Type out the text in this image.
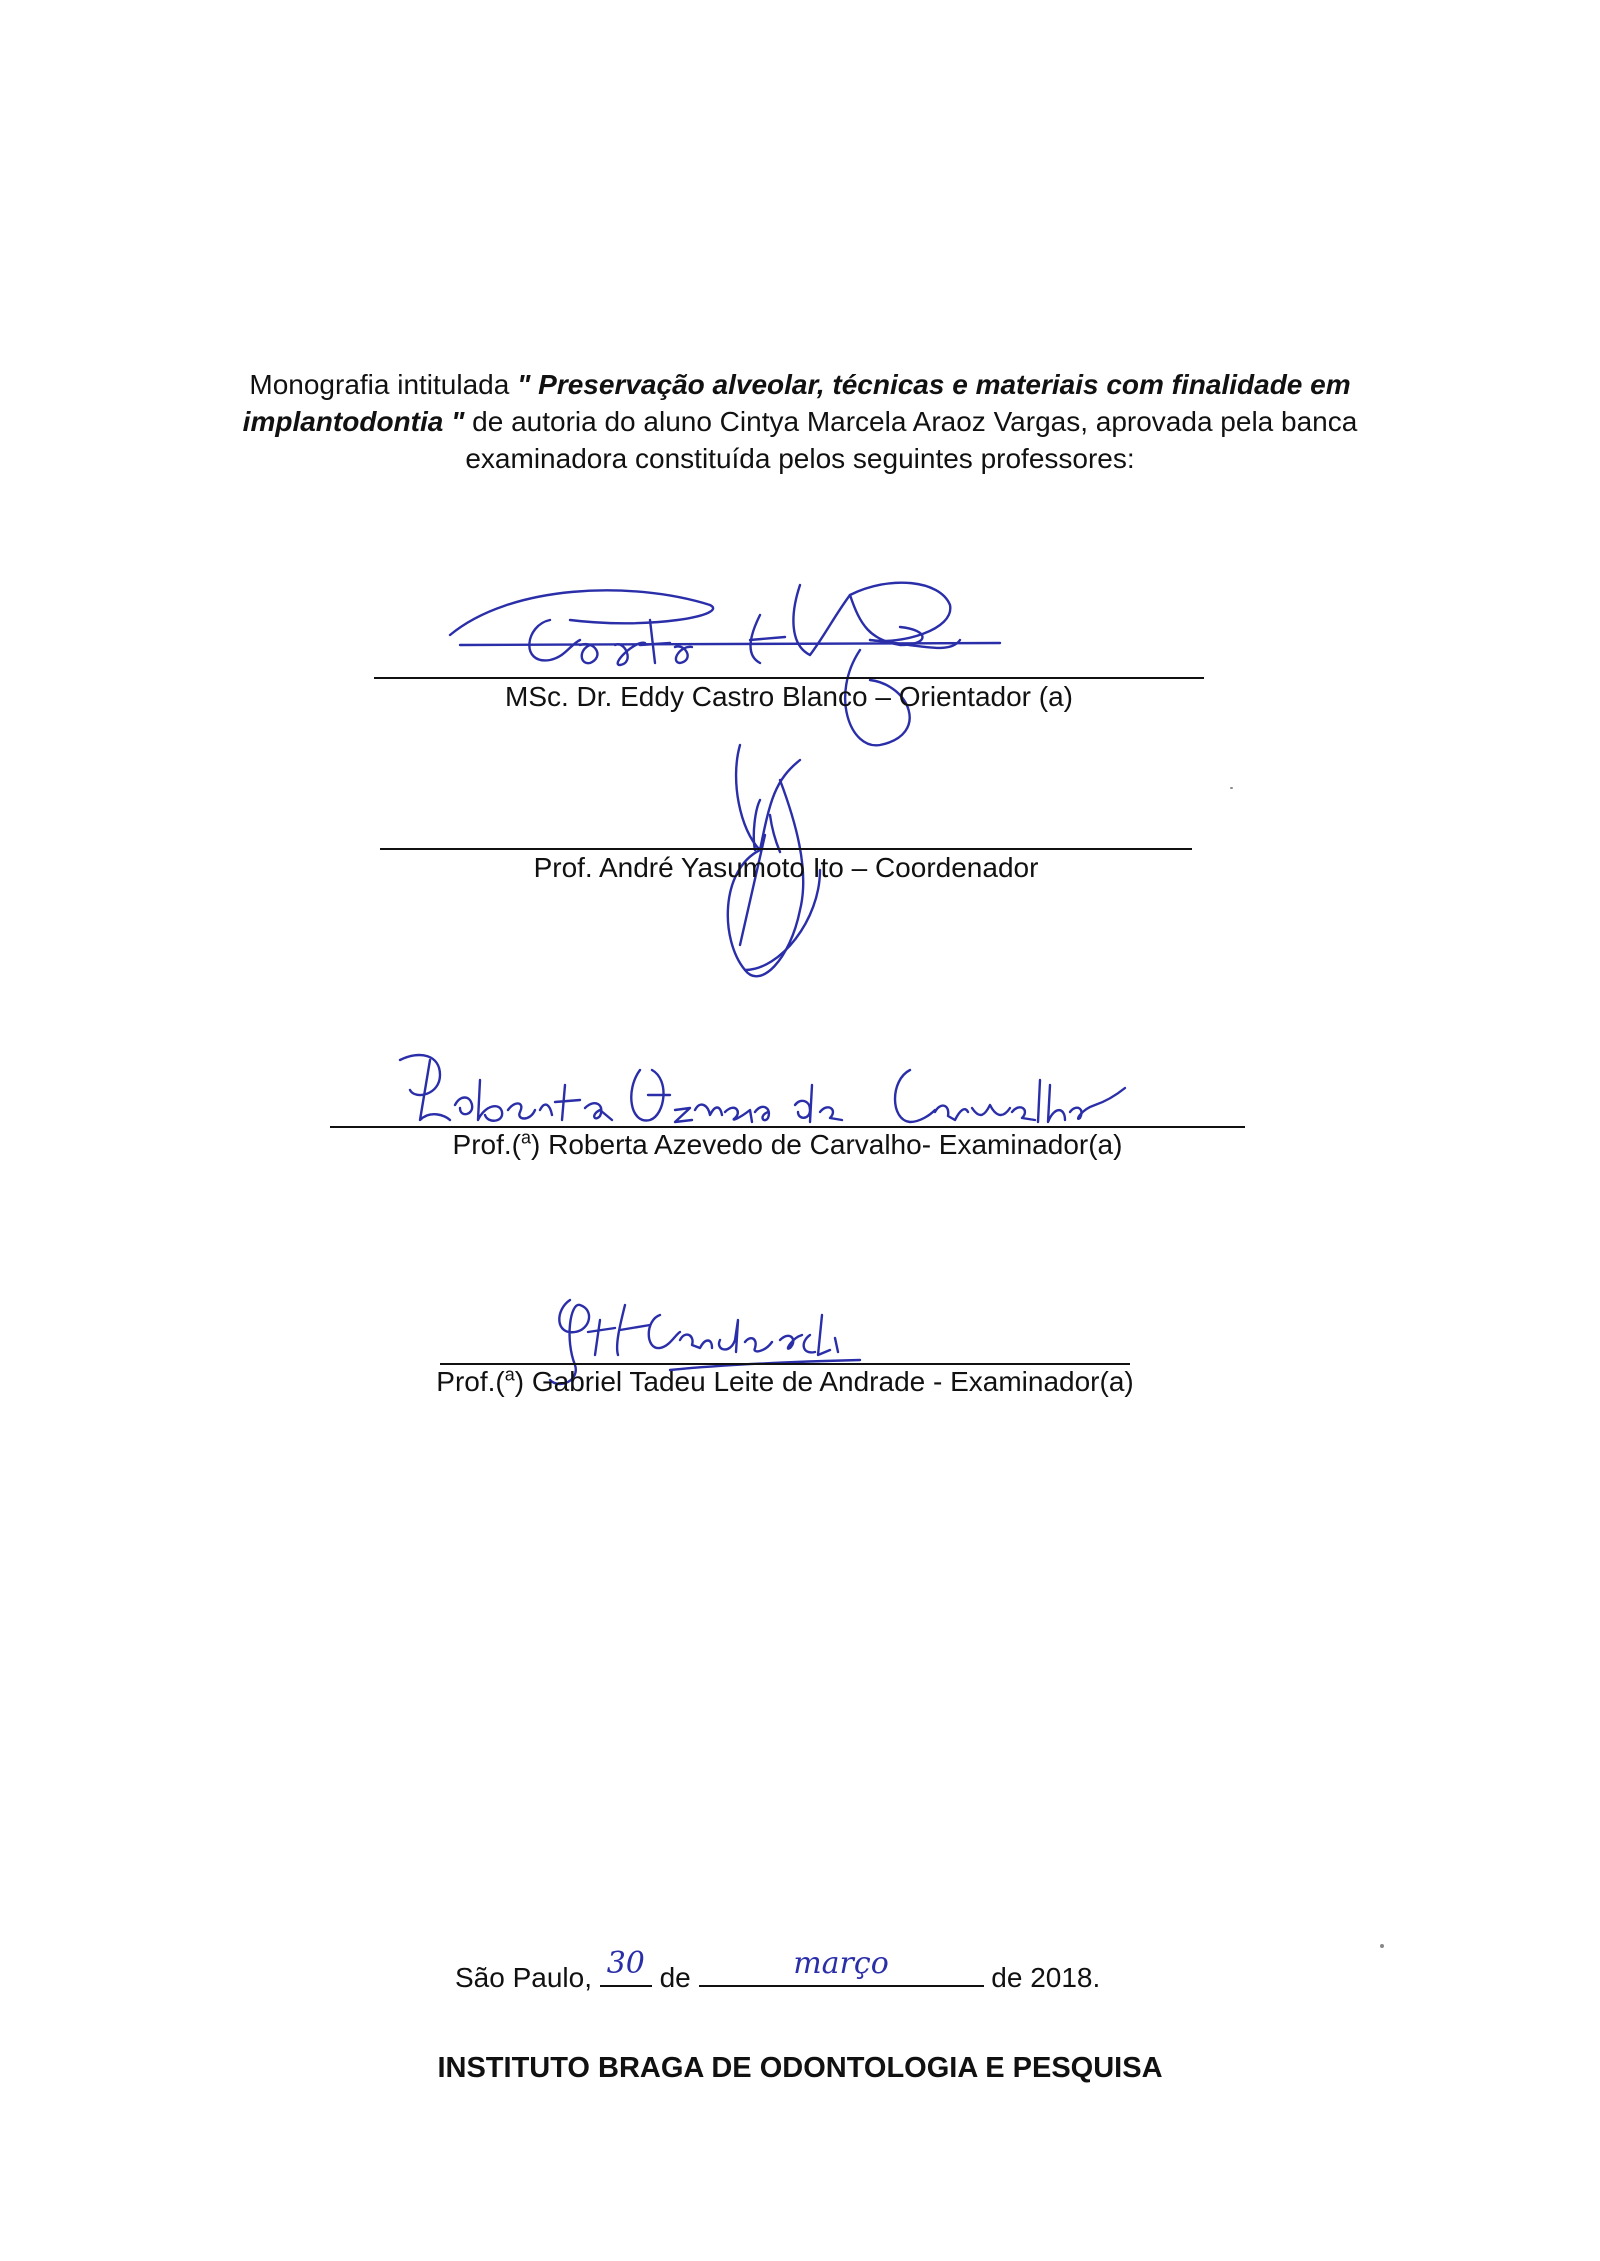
Monografia intitulada " Preservação alveolar, técnicas e materiais com finalidade em implantodontia " de autoria do aluno Cintya Marcela Araoz Vargas, aprovada pela banca examinadora constituída pelos seguintes professores:
MSc. Dr. Eddy Castro Blanco – Orientador (a)
Prof. André Yasumoto Ito – Coordenador
Prof.($^a$) Roberta Azevedo de Carvalho- Examinador(a)
Prof.($^a$) Gabriel Tadeu Leite de Andrade - Examinador(a)
São Paulo, 30 de	março	de 2018.
INSTITUTO BRAGA DE ODONTOLOGIA E PESQUISA
